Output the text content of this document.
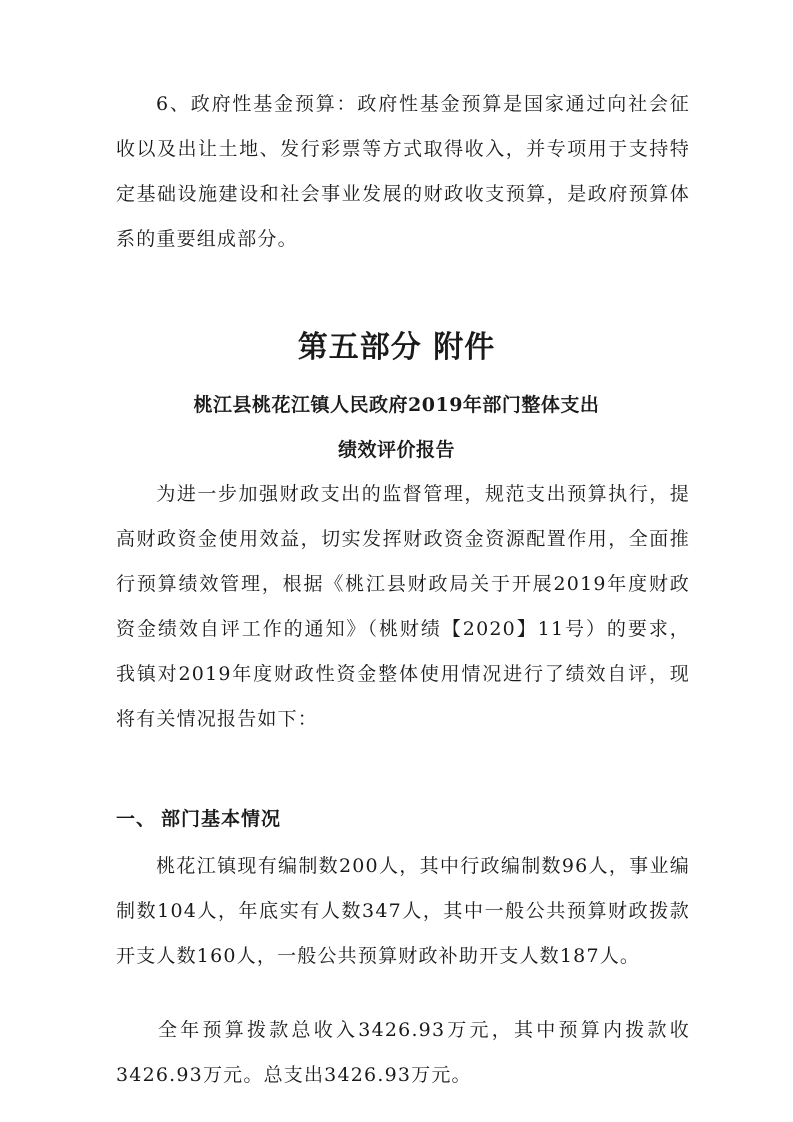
6、政府性基金预算：政府性基金预算是国家通过向社会征收以及出让土地、发行彩票等方式取得收入，并专项用于支持特定基础设施建设和社会事业发展的财政收支预算，是政府预算体系的重要组成部分。

第五部分 附件

桃江县桃花江镇人民政府2019年部门整体支出

绩效评价报告

为进一步加强财政支出的监督管理，规范支出预算执行，提高财政资金使用效益，切实发挥财政资金资源配置作用，全面推行预算绩效管理，根据《桃江县财政局关于开展2019年度财政资金绩效自评工作的通知》（桃财绩【2020】11号）的要求，我镇对2019年度财政性资金整体使用情况进行了绩效自评，现将有关情况报告如下：

一、 部门基本情况

桃花江镇现有编制数200人，其中行政编制数96人，事业编制数104人，年底实有人数347人，其中一般公共预算财政拨款开支人数160人，一般公共预算财政补助开支人数187人。

全年预算拨款总收入3426.93万元，其中预算内拨款收3426.93万元。总支出3426.93万元。
